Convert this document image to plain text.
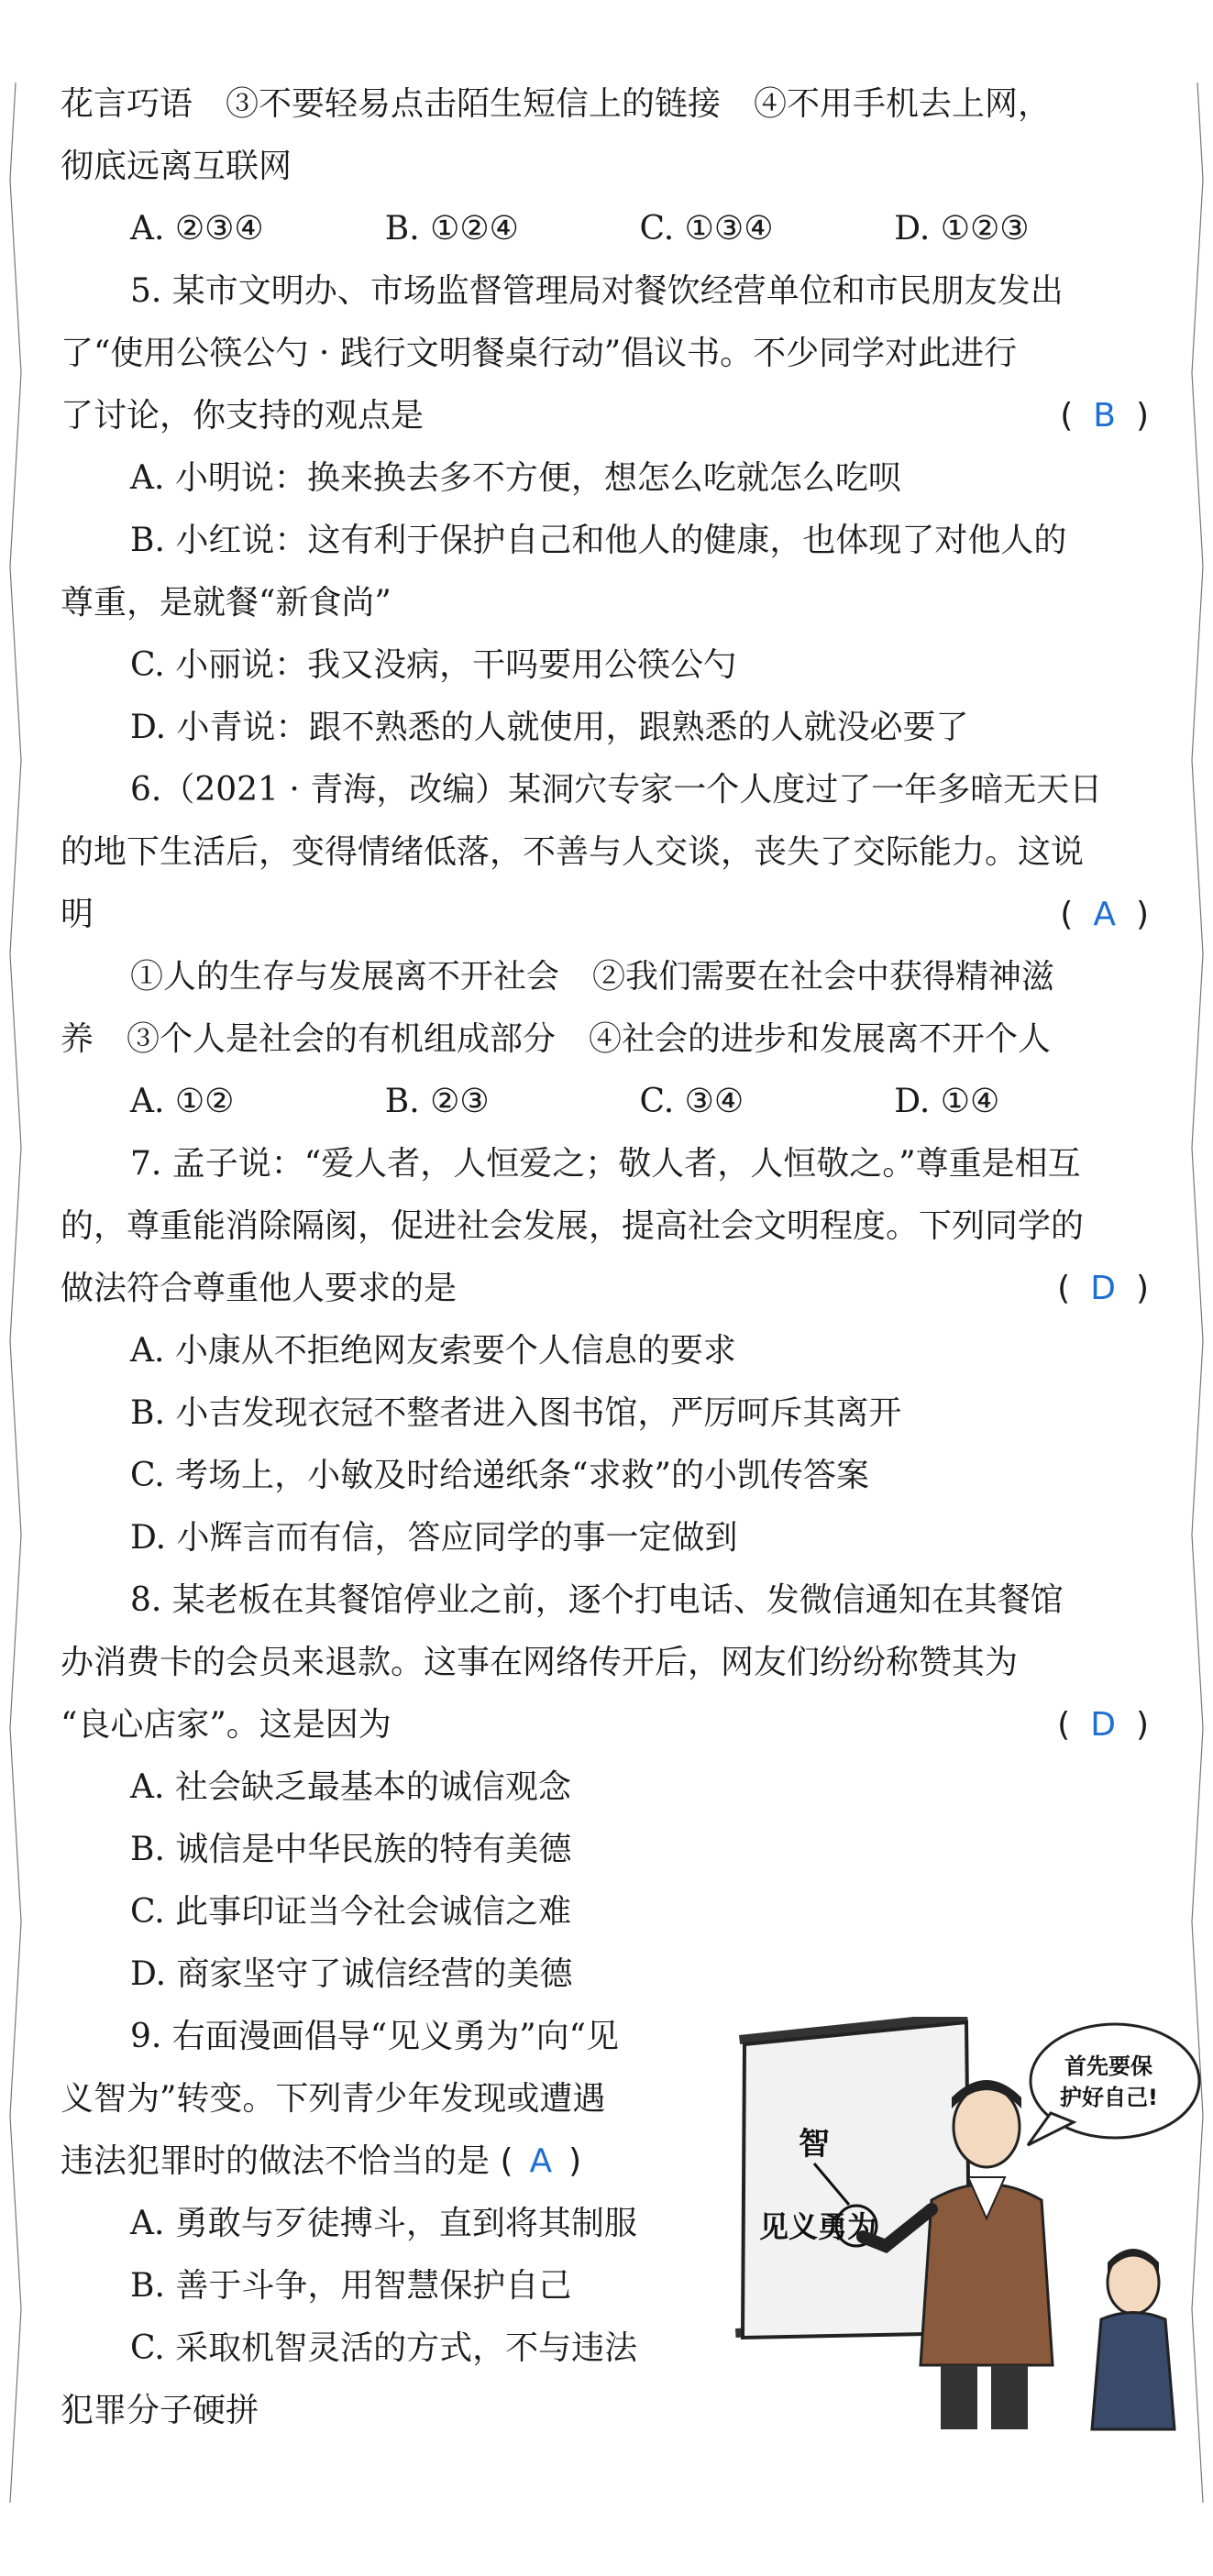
花言巧语　③不要轻易点击陌生短信上的链接　④不用手机去上网，
彻底远离互联网
A. ②③④	B. ①②④	C. ①③④	D. ①②③
5. 某市文明办、市场监督管理局对餐饮经营单位和市民朋友发出
了“使用公筷公勺 · 践行文明餐桌行动”倡议书。不少同学对此进行
了讨论，你支持的观点是	( B )
A. 小明说：换来换去多不方便，想怎么吃就怎么吃呗
B. 小红说：这有利于保护自己和他人的健康，也体现了对他人的
尊重，是就餐“新食尚”
C. 小丽说：我又没病，干吗要用公筷公勺
D. 小青说：跟不熟悉的人就使用，跟熟悉的人就没必要了
6.（2021 · 青海，改编）某洞穴专家一个人度过了一年多暗无天日
的地下生活后，变得情绪低落，不善与人交谈，丧失了交际能力。这说
明	( A )
①人的生存与发展离不开社会　②我们需要在社会中获得精神滋
养　③个人是社会的有机组成部分　④社会的进步和发展离不开个人
A. ①②	B. ②③	C. ③④	D. ①④
7. 孟子说：“爱人者，人恒爱之；敬人者，人恒敬之。”尊重是相互
的，尊重能消除隔阂，促进社会发展，提高社会文明程度。下列同学的
做法符合尊重他人要求的是	( D )
A. 小康从不拒绝网友索要个人信息的要求
B. 小吉发现衣冠不整者进入图书馆，严厉呵斥其离开
C. 考场上，小敏及时给递纸条“求救”的小凯传答案
D. 小辉言而有信，答应同学的事一定做到
8. 某老板在其餐馆停业之前，逐个打电话、发微信通知在其餐馆
办消费卡的会员来退款。这事在网络传开后，网友们纷纷称赞其为
“良心店家”。这是因为	( D )
A. 社会缺乏最基本的诚信观念
B. 诚信是中华民族的特有美德
C. 此事印证当今社会诚信之难
D. 商家坚守了诚信经营的美德
9. 右面漫画倡导“见义勇为”向“见
义智为”转变。下列青少年发现或遭遇
违法犯罪时的做法不恰当的是 ( A )
A. 勇敢与歹徒搏斗，直到将其制服
B. 善于斗争，用智慧保护自己
C. 采取机智灵活的方式，不与违法
犯罪分子硬拼
智
见义勇为
首先要保
护好自己!
